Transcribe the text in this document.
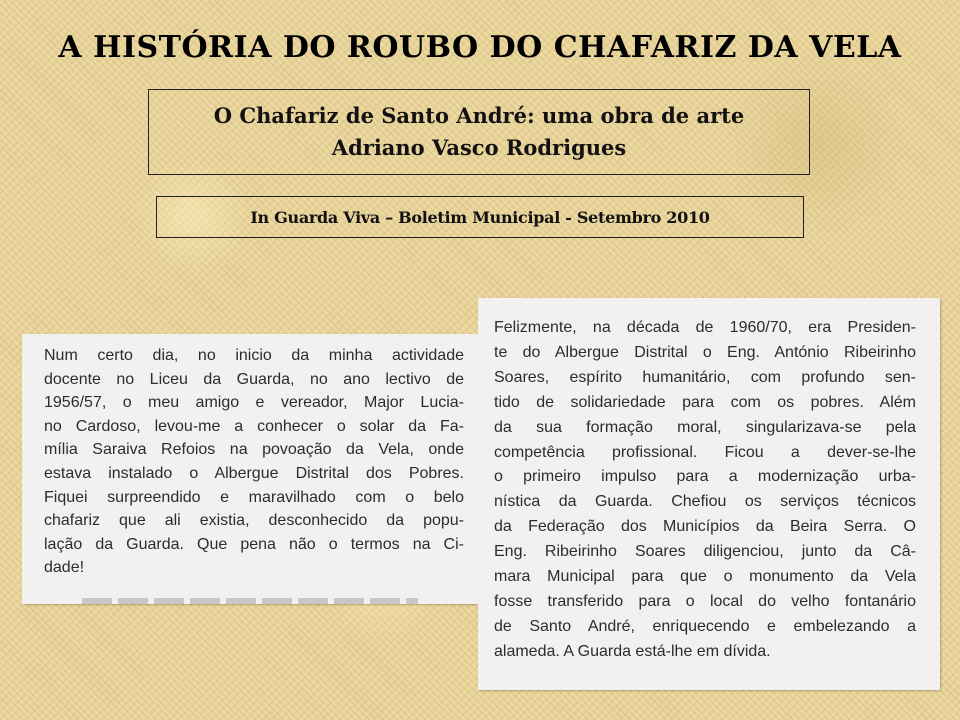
A HISTÓRIA DO ROUBO DO CHAFARIZ DA VELA
O Chafariz de Santo André: uma obra de arte
Adriano Vasco Rodrigues
In Guarda Viva – Boletim Municipal - Setembro 2010

Num certo dia, no inicio da minha actividade
docente no Liceu da Guarda, no ano lectivo de
1956/57, o meu amigo e vereador, Major Lucia-
no Cardoso, levou-me a conhecer o solar da Fa-
mília Saraiva Refoios na povoação da Vela, onde
estava instalado o Albergue Distrital dos Pobres.
Fiquei surpreendido e maravilhado com o belo
chafariz que ali existia, desconhecido da popu-
lação da Guarda. Que pena não o termos na Ci-
dade!

Felizmente, na década de 1960/70, era Presiden-
te do Albergue Distrital o Eng. António Ribeirinho
Soares, espírito humanitário, com profundo sen-
tido de solidariedade para com os pobres. Além
da sua formação moral, singularizava-se pela
competência profissional. Ficou a dever-se-lhe
o primeiro impulso para a modernização urba-
nística da Guarda. Chefiou os serviços técnicos
da Federação dos Municípios da Beira Serra. O
Eng. Ribeirinho Soares diligenciou, junto da Câ-
mara Municipal para que o monumento da Vela
fosse transferido para o local do velho fontanário
de Santo André, enriquecendo e embelezando a
alameda. A Guarda está-lhe em dívida.
